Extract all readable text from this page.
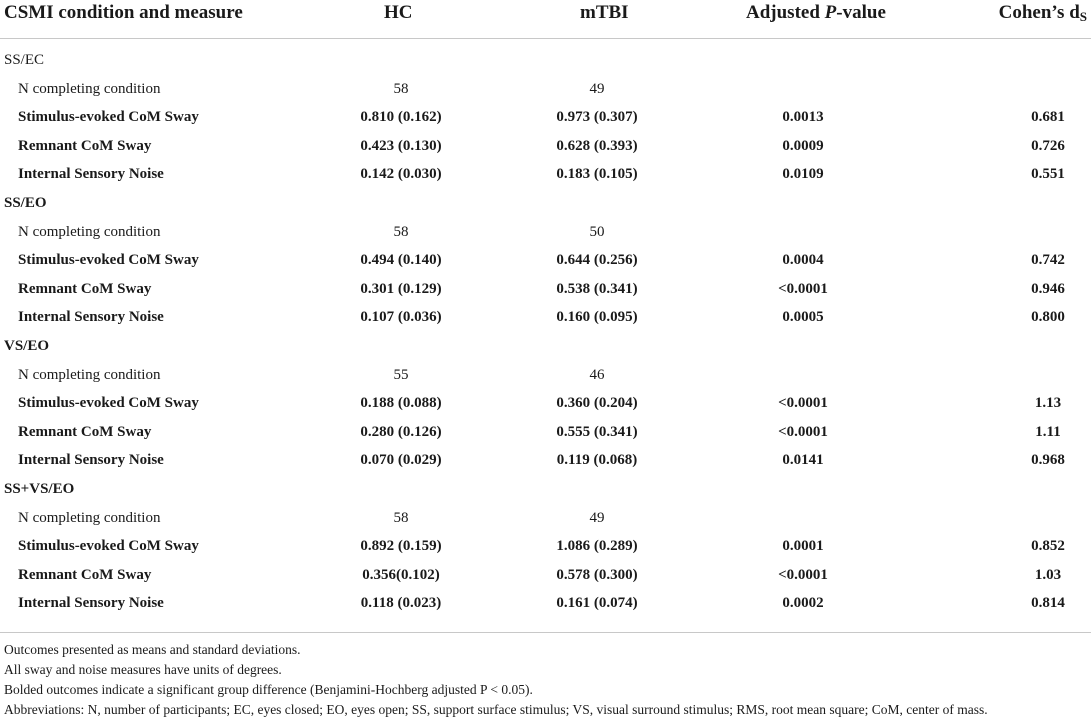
CSMI condition and measure	HC	mTBI	Adjusted P-value	Cohen’s $d_S$
SS/EC
N completing condition	58	49
Stimulus-evoked CoM Sway	0.810 (0.162)	0.973 (0.307)	0.0013	0.681
Remnant CoM Sway	0.423 (0.130)	0.628 (0.393)	0.0009	0.726
Internal Sensory Noise	0.142 (0.030)	0.183 (0.105)	0.0109	0.551
SS/EO
N completing condition	58	50
Stimulus-evoked CoM Sway	0.494 (0.140)	0.644 (0.256)	0.0004	0.742
Remnant CoM Sway	0.301 (0.129)	0.538 (0.341)	<0.0001	0.946
Internal Sensory Noise	0.107 (0.036)	0.160 (0.095)	0.0005	0.800
VS/EO
N completing condition	55	46
Stimulus-evoked CoM Sway	0.188 (0.088)	0.360 (0.204)	<0.0001	1.13
Remnant CoM Sway	0.280 (0.126)	0.555 (0.341)	<0.0001	1.11
Internal Sensory Noise	0.070 (0.029)	0.119 (0.068)	0.0141	0.968
SS+VS/EO
N completing condition	58	49
Stimulus-evoked CoM Sway	0.892 (0.159)	1.086 (0.289)	0.0001	0.852
Remnant CoM Sway	0.356(0.102)	0.578 (0.300)	<0.0001	1.03
Internal Sensory Noise	0.118 (0.023)	0.161 (0.074)	0.0002	0.814
Outcomes presented as means and standard deviations.
All sway and noise measures have units of degrees.
Bolded outcomes indicate a significant group difference (Benjamini-Hochberg adjusted P < 0.05).
Abbreviations: N, number of participants; EC, eyes closed; EO, eyes open; SS, support surface stimulus; VS, visual surround stimulus; RMS, root mean square; CoM, center of mass.
